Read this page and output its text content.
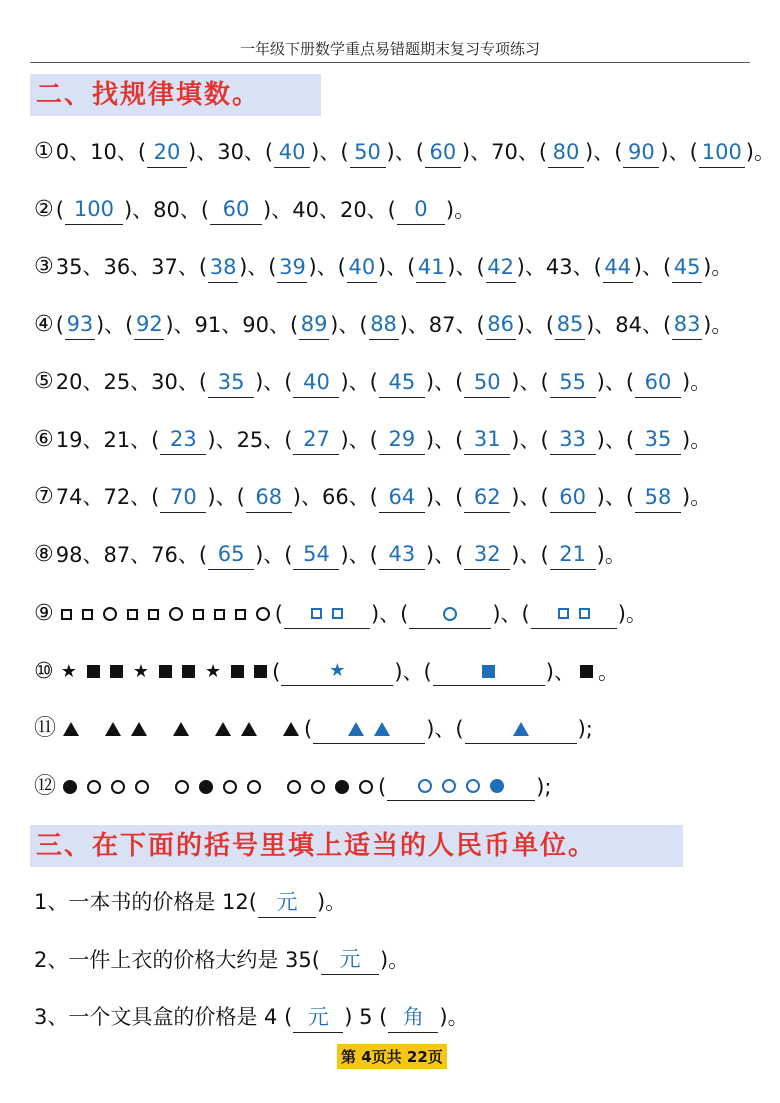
一年级下册数学重点易错题期末复习专项练习
二、找规律填数。
① 0、10、( 20 )、30、( 40 )、( 50 )、( 60 )、70、( 80 )、( 90 )、( 100 )。
② ( 100 )、80、( 60 )、40、20、( 0 )。
③ 35、36、37、( 38 )、( 39 )、( 40 )、( 41 )、( 42 )、43、( 44 )、( 45 )。
④ ( 93 )、( 92 )、91、90、( 89 )、( 88 )、87、( 86 )、( 85 )、84、( 83 )。
⑤ 20、25、30、( 35 )、( 40 )、( 45 )、( 50 )、( 55 )、( 60 )。
⑥ 19、21、( 23 )、25、( 27 )、( 29 )、( 31 )、( 33 )、( 35 )。
⑦ 74、72、( 70 )、( 68 )、66、( 64 )、( 62 )、( 60 )、( 58 )。
⑧ 98、87、76、( 65 )、( 54 )、( 43 )、( 32 )、( 21 )。
⑨	(	)、(	)、(	)。
⑩ ★	★	★ (	★ )、(	)、 。
⑪	(	)、(	);
⑫	(	);
三、在下面的括号里填上适当的人民币单位。
1、一本书的价格是 12( 元 )。
2、一件上衣的价格大约是 35( 元 )。
3、一个文具盒的价格是 4 ( 元 ) 5 ( 角 )。
第 4页共 22页
